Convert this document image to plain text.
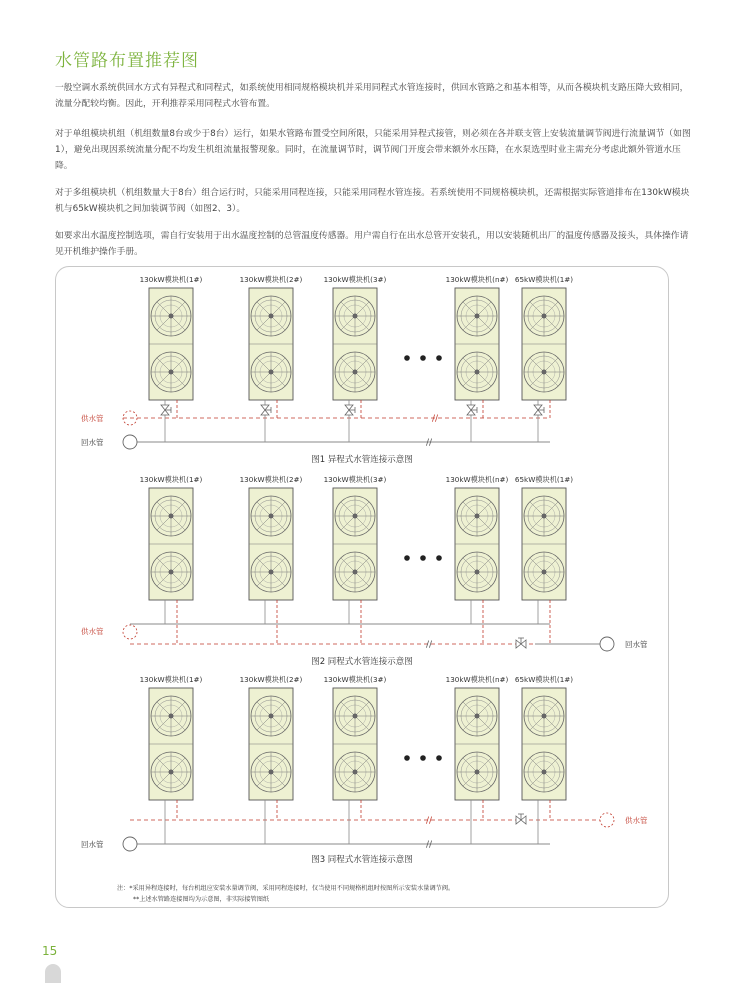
水管路布置推荐图

一般空调水系统供回水方式有异程式和同程式，如系统使用相同规格模块机并采用同程式水管连接时，供回水管路之和基本相等，从而各模块机支路压降大致相同，流量分配较均衡。因此，开利推荐采用同程式水管布置。

对于单组模块机组（机组数量8台或少于8台）运行，如果水管路布置受空间所限，只能采用异程式接管，则必须在各并联支管上安装流量调节阀进行流量调节（如图1），避免出现因系统流量分配不均发生机组流量报警现象。同时，在流量调节时，调节阀门开度会带来额外水压降，在水泵选型时业主需充分考虑此额外管道水压降。

对于多组模块机（机组数量大于8台）组合运行时，只能采用同程连接，只能采用同程水管连接。若系统使用不同规格模块机，还需根据实际管道排布在130kW模块机与65kW模块机之间加装调节阀（如图2、3）。

如要求出水温度控制选项，需自行安装用于出水温度控制的总管温度传感器。用户需自行在出水总管开安装孔，用以安装随机出厂的温度传感器及接头，具体操作请见开机维护操作手册。

130kW模块机(1#)	130kW模块机(2#)	130kW模块机(3#)	130kW模块机(n#) 65kW模块机(1#)
供水管
回水管	//
//
图1 异程式水管连接示意图
130kW模块机(1#)	130kW模块机(2#)	130kW模块机(3#)	130kW模块机(n#) 65kW模块机(1#)
供水管
回水管
//
图2 同程式水管连接示意图
130kW模块机(1#)	130kW模块机(2#)	130kW模块机(3#)	130kW模块机(n#) 65kW模块机(1#)
回水管
供水管
//
//
图3 同程式水管连接示意图
注：*采用异程连接时，每台机组应安装水量调节阀，采用同程连接时，仅当使用不同规格机组时按图所示安装水量调节阀。
**上述水管路连接图均为示意图，非实际接管图纸

15
